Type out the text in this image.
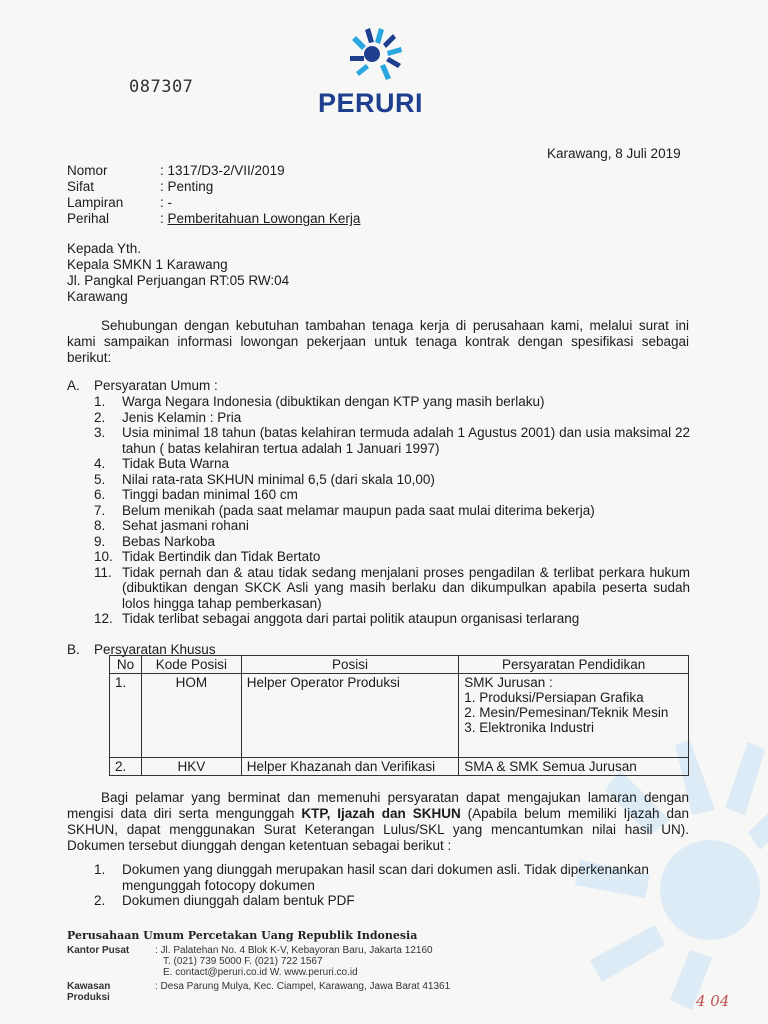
087307
PERURI
Karawang, 8 Juli 2019
Nomor	: 1317/D3-2/VII/2019
Sifat	: Penting
Lampiran	: -
Perihal	: Pemberitahuan Lowongan Kerja
Kepada Yth.
Kepala SMKN 1 Karawang
Jl. Pangkal Perjuangan RT:05 RW:04
Karawang
Sehubungan dengan kebutuhan tambahan tenaga kerja di perusahaan kami, melalui surat ini kami sampaikan informasi lowongan pekerjaan untuk tenaga kontrak dengan spesifikasi sebagai berikut:
A. Persyaratan Umum :
1.	Warga Negara Indonesia (dibuktikan dengan KTP yang masih berlaku)
2.	Jenis Kelamin : Pria
3.	Usia minimal 18 tahun (batas kelahiran termuda adalah 1 Agustus 2001) dan usia maksimal 22 tahun ( batas kelahiran tertua adalah 1 Januari 1997)
4.	Tidak Buta Warna
5.	Nilai rata-rata SKHUN minimal 6,5 (dari skala 10,00)
6.	Tinggi badan minimal 160 cm
7.	Belum menikah (pada saat melamar maupun pada saat mulai diterima bekerja)
8.	Sehat jasmani rohani
9.	Bebas Narkoba
10. Tidak Bertindik dan Tidak Bertato
11. Tidak pernah dan & atau tidak sedang menjalani proses pengadilan & terlibat perkara hukum (dibuktikan dengan SKCK Asli yang masih berlaku dan dikumpulkan apabila peserta sudah lolos hingga tahap pemberkasan)
12. Tidak terlibat sebagai anggota dari partai politik ataupun organisasi terlarang
B. Persyaratan Khusus
No	Kode Posisi	Posisi	Persyaratan Pendidikan
1.	HOM	Helper Operator Produksi	SMK Jurusan :
1. Produksi/Persiapan Grafika
2. Mesin/Pemesinan/Teknik Mesin
3. Elektronika Industri

2.	HKV	Helper Khazanah dan Verifikasi	SMA & SMK Semua Jurusan
Bagi pelamar yang berminat dan memenuhi persyaratan dapat mengajukan lamaran dengan mengisi data diri serta mengunggah KTP, Ijazah dan SKHUN (Apabila belum memiliki Ijazah dan SKHUN, dapat menggunakan Surat Keterangan Lulus/SKL yang mencantumkan nilai hasil UN). Dokumen tersebut diunggah dengan ketentuan sebagai berikut :
1.	Dokumen yang diunggah merupakan hasil scan dari dokumen asli. Tidak diperkenankan mengunggah fotocopy dokumen
2.	Dokumen diunggah dalam bentuk PDF
Perusahaan Umum Percetakan Uang Republik Indonesia
Kantor Pusat	: Jl. Palatehan No. 4 Blok K-V, Kebayoran Baru, Jakarta 12160
T. (021) 739 5000 F. (021) 722 1567
E. contact@peruri.co.id W. www.peruri.co.id
Kawasan Produksi
: Desa Parung Mulya, Kec. Ciampel, Karawang, Jawa Barat 41361
4 04
